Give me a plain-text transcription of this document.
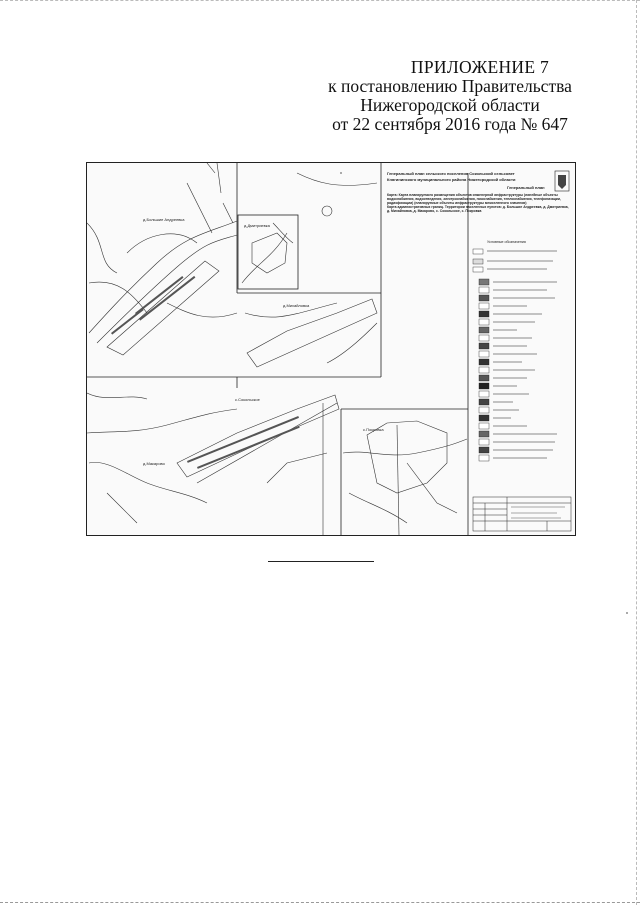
ПРИЛОЖЕНИЕ 7
к постановлению Правительства
Нижегородской области
от 22 сентября 2016 года № 647
д.Большие Андреевка
д.Дмитриевка
д.Михайловка
с.Сокольское
д.Макарово
с.Покровка
Генеральный план сельского поселения Сокольский сельсовет
Княгининского муниципального района Нижегородской области
Генеральный план
Карта: Карта планируемого размещения объектов инженерной инфраструктуры (линейные объекты водоснабжения, водоотведения, электроснабжения, газоснабжения, теплоснабжения, телефонизации, радиофикации) (планируемые объекты инфраструктуры межселенного значения)
Карта административных границ. Территории населенных пунктов: д. Большие Андреевка, д. Дмитриевка, д. Михайловка, д. Макарово, с. Сокольское, с. Покровка
Условные обозначения
